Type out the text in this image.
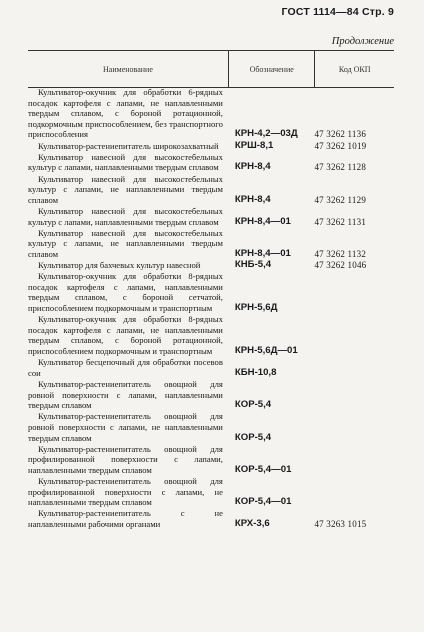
ГОСТ 1114—84 Стр. 9
Продолжение
Наименование	Обозначение	Код ОКП
Культиватор-окучник для обработки 6-рядных посадок картофеля с лапами, не наплавленными твердым сплавом, с бороной ротационной, подкормочным приспособлением, без транспортного приспособления	КРН-4,2—03Д	47 3262 1136
Культиватор-растениепитатель широкозахватный	КРШ-8,1	47 3262 1019
Культиватор навесной для высокостебельных культур с лапами, наплавленными твердым сплавом	КРН-8,4	47 3262 1128
Культиватор навесной для высокостебельных культур с лапами, не наплавленными твердым сплавом	КРН-8,4	47 3262 1129
Культиватор навесной для высокостебельных культур с лапами, наплавленными твердым сплавом	КРН-8,4—01	47 3262 1131
Культиватор навесной для высокостебельных культур с лапами, не наплавленными твердым сплавом	КРН-8,4—01	47 3262 1132
Культиватор для бахчевых культур навесной	КНБ-5,4	47 3262 1046
Культиватор-окучник для обработки 8-рядных посадок картофеля с лапами, наплавленными твердым сплавом, с бороной сетчатой, приспособлением подкормочным и транспортным	КРН-5,6Д
Культиватор-окучник для обработки 8-рядных посадок картофеля с лапами, не наплавленными твердым сплавом, с бороной ротационной, приспособлением подкормочным и транспортным	КРН-5,6Д—01
Культиватор бесцепочный для обработки посевов сои	КБН-10,8
Культиватор-растениепитатель овощной для ровной поверхности с лапами, наплавленными твердым сплавом	КОР-5,4
Культиватор-растениепитатель овощной для ровной поверхности с лапами, не наплавленными твердым сплавом	КОР-5,4
Культиватор-растениепитатель овощной для профилированной поверхности с лапами, наплавленными твердым сплавом	КОР-5,4—01
Культиватор-растениепитатель овощной для профилированной поверхности с лапами, не наплавленными твердым сплавом	КОР-5,4—01
Культиватор-растениепитатель с не наплавленными рабочими органами	КРХ-3,6	47 3263 1015
